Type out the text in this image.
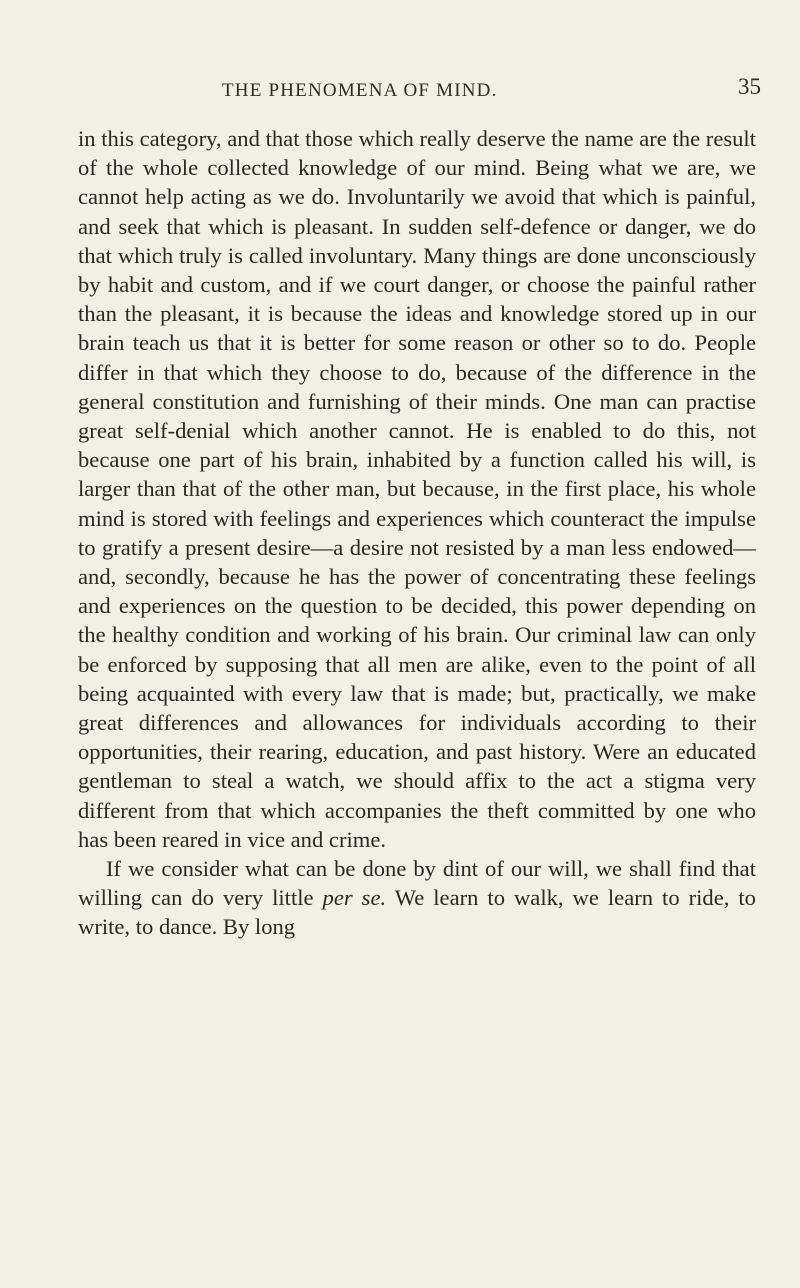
THE PHENOMENA OF MIND.	35

in this category, and that those which really deserve the name are the result of the whole collected knowledge of our mind. Being what we are, we cannot help acting as we do. Involuntarily we avoid that which is painful, and seek that which is pleasant. In sudden self-defence or danger, we do that which truly is called involuntary. Many things are done unconsciously by habit and custom, and if we court danger, or choose the painful rather than the pleasant, it is because the ideas and knowledge stored up in our brain teach us that it is better for some reason or other so to do. People differ in that which they choose to do, because of the difference in the general constitution and furnishing of their minds. One man can practise great self-denial which another cannot. He is enabled to do this, not because one part of his brain, inhabited by a function called his will, is larger than that of the other man, but because, in the first place, his whole mind is stored with feelings and experiences which counteract the impulse to gratify a present desire—a desire not resisted by a man less endowed—and, secondly, because he has the power of concentrating these feelings and experiences on the question to be decided, this power depending on the healthy condition and working of his brain. Our criminal law can only be enforced by supposing that all men are alike, even to the point of all being acquainted with every law that is made; but, practically, we make great differences and allowances for individuals according to their opportunities, their rearing, education, and past history. Were an educated gentleman to steal a watch, we should affix to the act a stigma very different from that which accompanies the theft committed by one who has been reared in vice and crime.

If we consider what can be done by dint of our will, we shall find that willing can do very little per se. We learn to walk, we learn to ride, to write, to dance. By long
